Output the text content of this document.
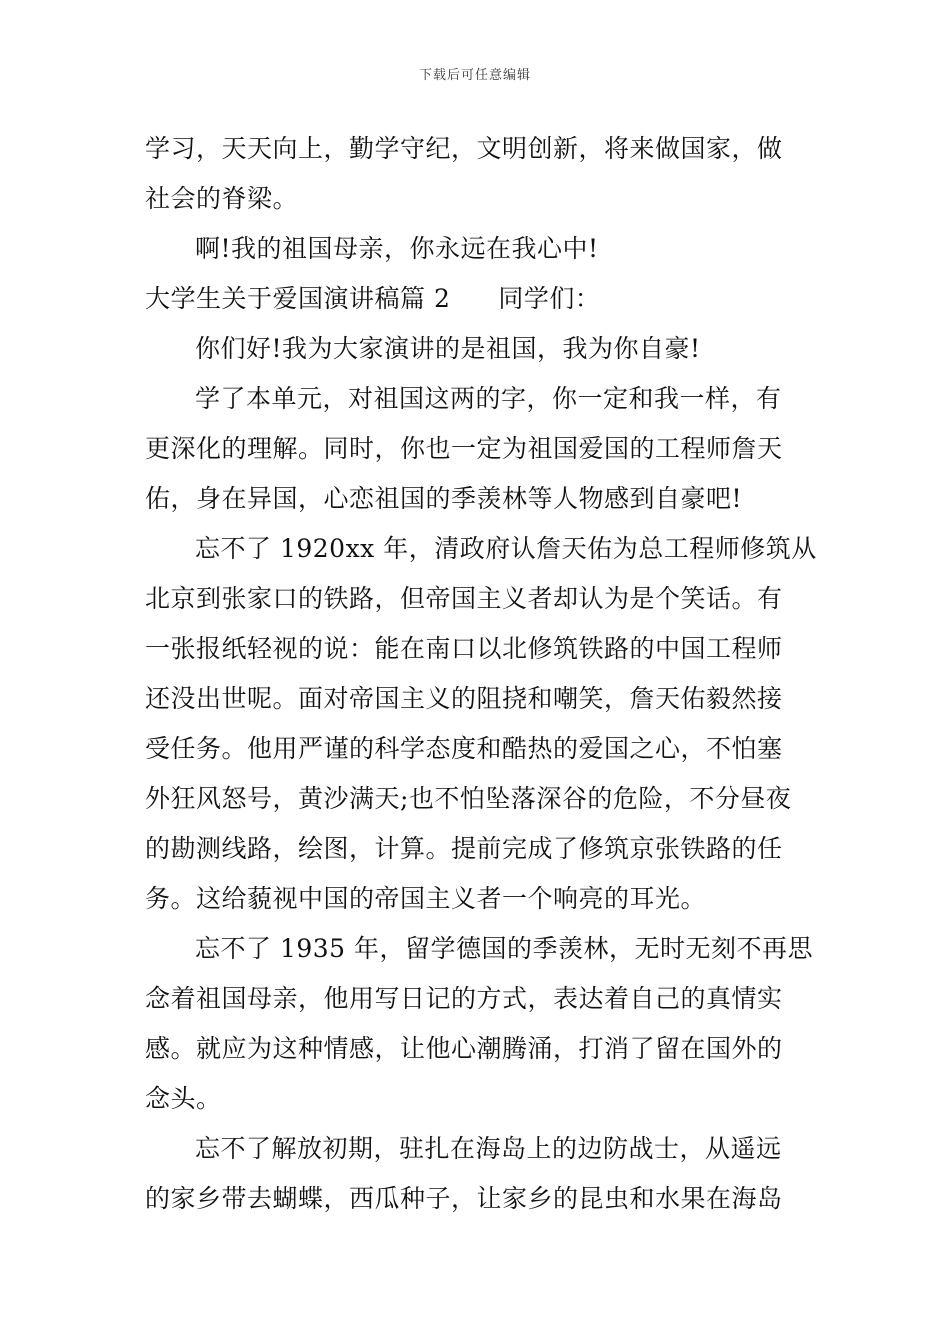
下载后可任意编辑
学习，天天向上，勤学守纪，文明创新，将来做国家，做
社会的脊梁。
啊!我的祖国母亲，你永远在我心中!
大学生关于爱国演讲稿篇 2 同学们：
你们好!我为大家演讲的是祖国，我为你自豪!
学了本单元，对祖国这两的字，你一定和我一样，有
更深化的理解。同时，你也一定为祖国爱国的工程师詹天
佑，身在异国，心恋祖国的季羡林等人物感到自豪吧!
忘不了 1920xx 年，清政府认詹天佑为总工程师修筑从
北京到张家口的铁路，但帝国主义者却认为是个笑话。有
一张报纸轻视的说：能在南口以北修筑铁路的中国工程师
还没出世呢。面对帝国主义的阻挠和嘲笑，詹天佑毅然接
受任务。他用严谨的科学态度和酷热的爱国之心，不怕塞
外狂风怒号，黄沙满天;也不怕坠落深谷的危险，不分昼夜
的勘测线路，绘图，计算。提前完成了修筑京张铁路的任
务。这给藐视中国的帝国主义者一个响亮的耳光。
忘不了 1935 年，留学德国的季羡林，无时无刻不再思
念着祖国母亲，他用写日记的方式，表达着自己的真情实
感。就应为这种情感，让他心潮腾涌，打消了留在国外的
念头。
忘不了解放初期，驻扎在海岛上的边防战士，从遥远
的家乡带去蝴蝶，西瓜种子，让家乡的昆虫和水果在海岛
